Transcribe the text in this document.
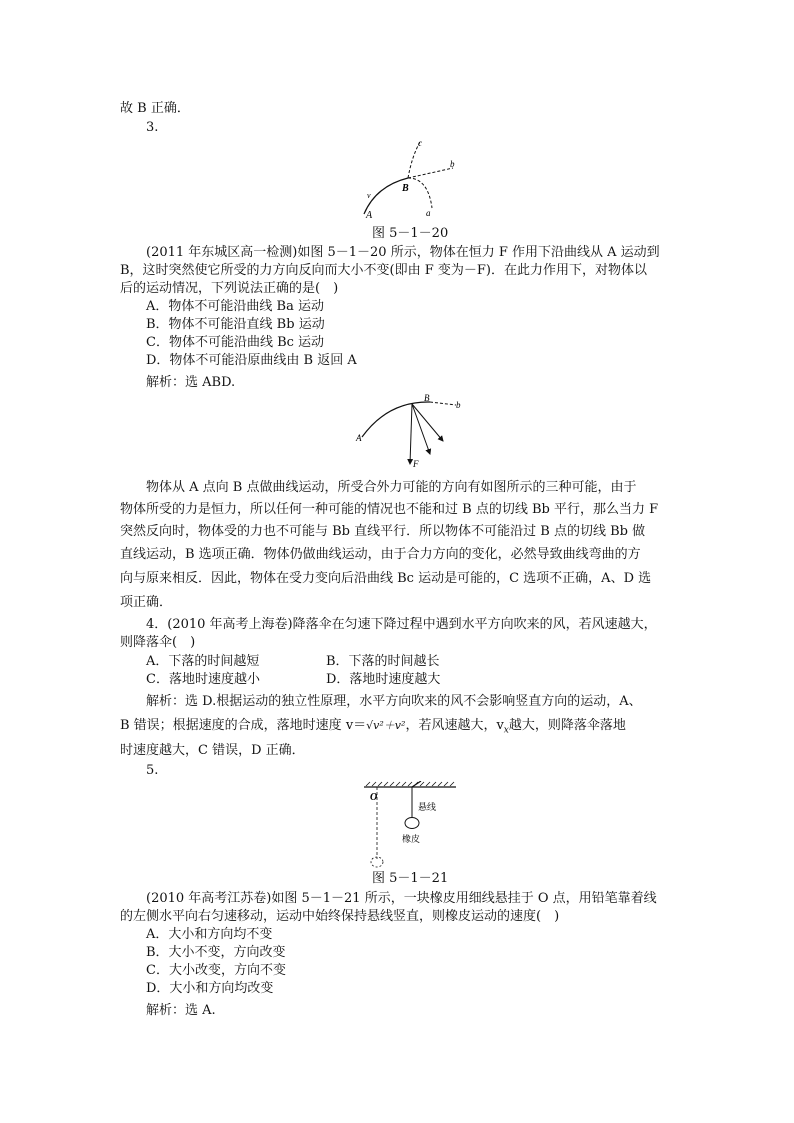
故 B 正确．
3.
c
b
v
B
A	a
图 5－1－20
(2011 年东城区高一检测)如图 5－1－20 所示，物体在恒力 F 作用下沿曲线从 A 运动到
B，这时突然使它所受的力方向反向而大小不变(即由 F 变为－F)．在此力作用下，对物体以
后的运动情况，下列说法正确的是(　)
A．物体不可能沿曲线 Ba 运动
B．物体不可能沿直线 Bb 运动
C．物体不可能沿曲线 Bc 运动
D．物体不可能沿原曲线由 B 返回 A
解析：选 ABD.
B
b
A
F
物体从 A 点向 B 点做曲线运动，所受合外力可能的方向有如图所示的三种可能，由于
物体所受的力是恒力，所以任何一种可能的情况也不能和过 B 点的切线 Bb 平行，那么当力 F
突然反向时，物体受的力也不可能与 Bb 直线平行．所以物体不可能沿过 B 点的切线 Bb 做
直线运动，B 选项正确．物体仍做曲线运动，由于合力方向的变化，必然导致曲线弯曲的方
向与原来相反．因此，物体在受力变向后沿曲线 Bc 运动是可能的，C 选项不正确，A、D 选
项正确．
4．(2010 年高考上海卷)降落伞在匀速下降过程中遇到水平方向吹来的风，若风速越大，
则降落伞(　)
A．下落的时间越短	B．下落的时间越长
C．落地时速度越小	D．落地时速度越大
解析：选 D.根据运动的独立性原理，水平方向吹来的风不会影响竖直方向的运动，A、
B 错误；根据速度的合成，落地时速度 v＝√v²＋v²，若风速越大，$v_x$越大，则降落伞落地
时速度越大，C 错误，D 正确．
5.
O
悬线
橡皮
图 5－1－21
(2010 年高考江苏卷)如图 5－1－21 所示，一块橡皮用细线悬挂于 O 点，用铅笔靠着线
的左侧水平向右匀速移动，运动中始终保持悬线竖直，则橡皮运动的速度(　)
A．大小和方向均不变
B．大小不变，方向改变
C．大小改变，方向不变
D．大小和方向均改变
解析：选 A.
